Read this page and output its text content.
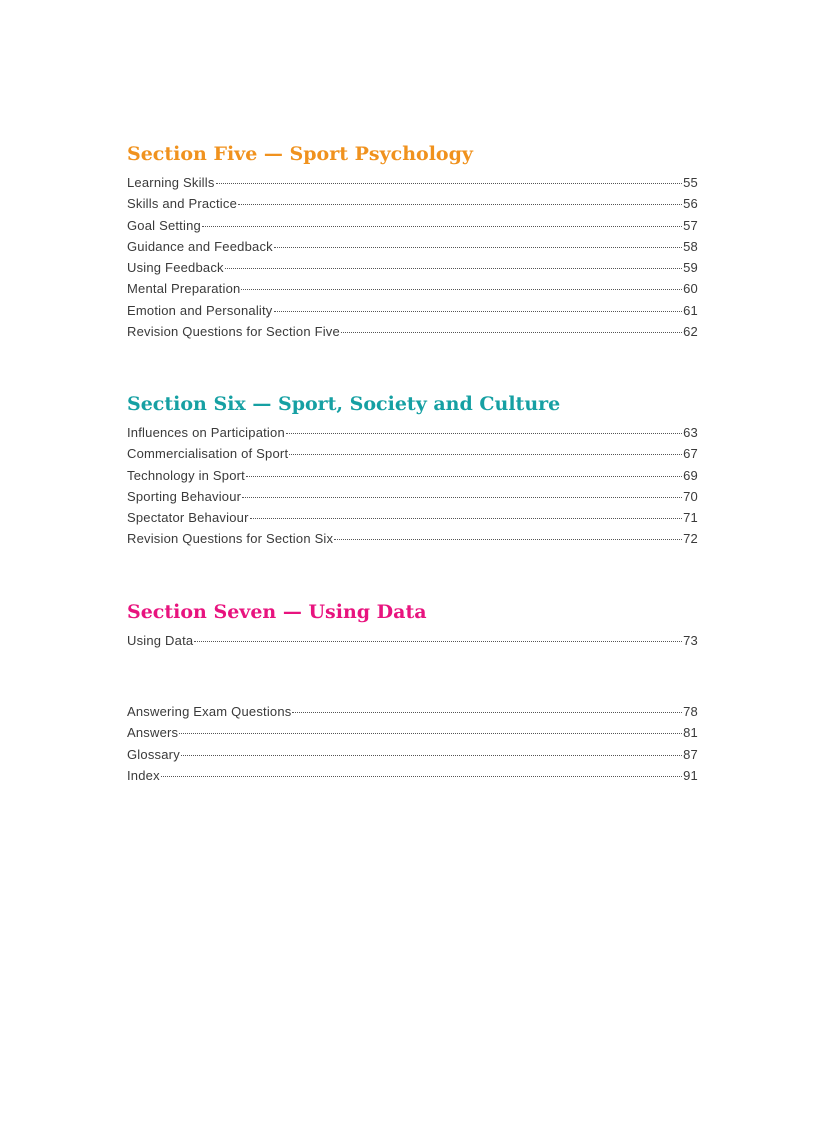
Section Five — Sport Psychology
Learning Skills	55
Skills and Practice	56
Goal Setting	57
Guidance and Feedback	58
Using Feedback	59
Mental Preparation	60
Emotion and Personality	61
Revision Questions for Section Five	62
Section Six — Sport, Society and Culture
Influences on Participation	63
Commercialisation of Sport	67
Technology in Sport	69
Sporting Behaviour	70
Spectator Behaviour	71
Revision Questions for Section Six	72
Section Seven — Using Data
Using Data	73
Answering Exam Questions	78
Answers	81
Glossary	87
Index	91
